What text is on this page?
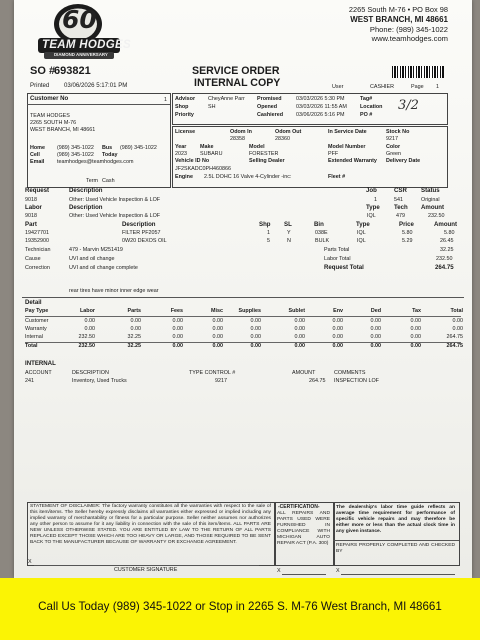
60
TEAM HODGES
DIAMOND ANNIVERSARY
2265 South M-76 • PO Box 98
WEST BRANCH, MI 48661
Phone: (989) 345-1022
www.teamhodges.com
SO #
693821
Printed 03/06/2026 5:17:01 PM
SERVICE ORDER
INTERNAL COPY	User	CASHIER	Page 1
Customer No	1
TEAM HODGES
2265 SOUTH M-76
WEST BRANCH, MI 48661
Home (989) 345-1022 Bus (989) 345-1022
Cell	(989) 345-1022 Today
Email teamhodges@teamhodges.com
Term Cash
Advisor CheyAnne Parr
Shop	SH
Priority
Promised	03/03/2026 5:30 PM
Opened	03/03/2026 11:55 AM
Cashiered 03/06/2026 5:16 PM
Tag#
Location
PO #
3/2
License	Odom In
28358
Odom Out
28360
In Service Date	Stock No
9217
Year
2023
Make
SUBARU
Model
FORESTER
Model Number
PFF
Color
Green
Vehicle ID No	Selling Dealer	Extended Warranty Delivery Date
JF2SKADC0PH460866
Engine 2.5L DOHC 16 Valve 4-Cylinder -inc:	Fleet #
Request	Description
9018	Other: Used Vehicle Inspection & LOF
Job
1
CSR
541
Status
Original
Labor	Description
9018	Other: Used Vehicle Inspection & LOF
Type
IQL
Tech
479
Amount
232.50
Part	Description	Shp SL	Bin	Type	Price	Amount
19427701	FILTER PF2057	1	Y	038E	IQL	5.80	5.80
19352900	0W20 DEXOS OIL	5	N	BULK	IQL	5.29	26.45
Technician	479 - Marvin M251419
Cause	UVI and oil change
Correction	UVI and oil change complete
Parts Total	32.25
Labor Total	232.50
Request Total	264.75
rear tires have minor inner edge wear
Detail
Pay Type	Labor	Parts	Fees	Misc	Supplies	Sublet	Env	Ded	Tax	Total
Customer	0.00	0.00	0.00	0.00	0.00	0.00	0.00	0.00	0.00	0.00
Warranty	0.00	0.00	0.00	0.00	0.00	0.00	0.00	0.00	0.00	0.00
Internal	232.50	32.25	0.00	0.00	0.00	0.00	0.00	0.00	0.00	264.75
Total	232.50	32.25	0.00	0.00	0.00	0.00	0.00	0.00	0.00	264.75
INTERNAL
ACCOUNT	DESCRIPTION	TYPE CONTROL #	AMOUNT	COMMENTS
241	Inventory, Used Trucks	9217	264.75 INSPECTION LOF
STATEMENT OF DISCLAIMER: The factory warranty constitutes all the warranties with respect to the sale of this item/items. The Seller hereby expressly disclaims all warranties either expressed or implied including any implied warranty of merchantability or fitness for a particular purpose. Seller neither assumes nor authorizes any other person to assume for it any liability in connection with the sale of this item/items. ALL PARTS ARE NEW UNLESS OTHERWISE STATED. YOU ARE ENTITLED BY LAW TO THE RETURN OF ALL PARTS REPLACED EXCEPT THOSE WHICH ARE TOO HEAVY OR LARGE, AND THOSE REQUIRED TO BE SENT BACK TO THE MANUFACTURER BECAUSE OF WARRANTY OR EXCHANGE AGREEMENT.
-CERTIFICATION-
ALL REPAIRS AND PARTS USED WERE FURNISHED IN COMPLIANCE WITH MICHIGAN AUTO REPAIR ACT (P.A. 300)
The dealership's labor time guide reflects an average time requirement for performance of specific vehicle repairs and may therefore be either more or less than the actual clock time in any given instance.
REPAIRS PROPERLY COMPLETED AND CHECKED BY
X
CUSTOMER SIGNATURE	X	X
Call Us Today (989) 345-1022 or Stop in 2265 S. M-76 West Branch, MI 48661
